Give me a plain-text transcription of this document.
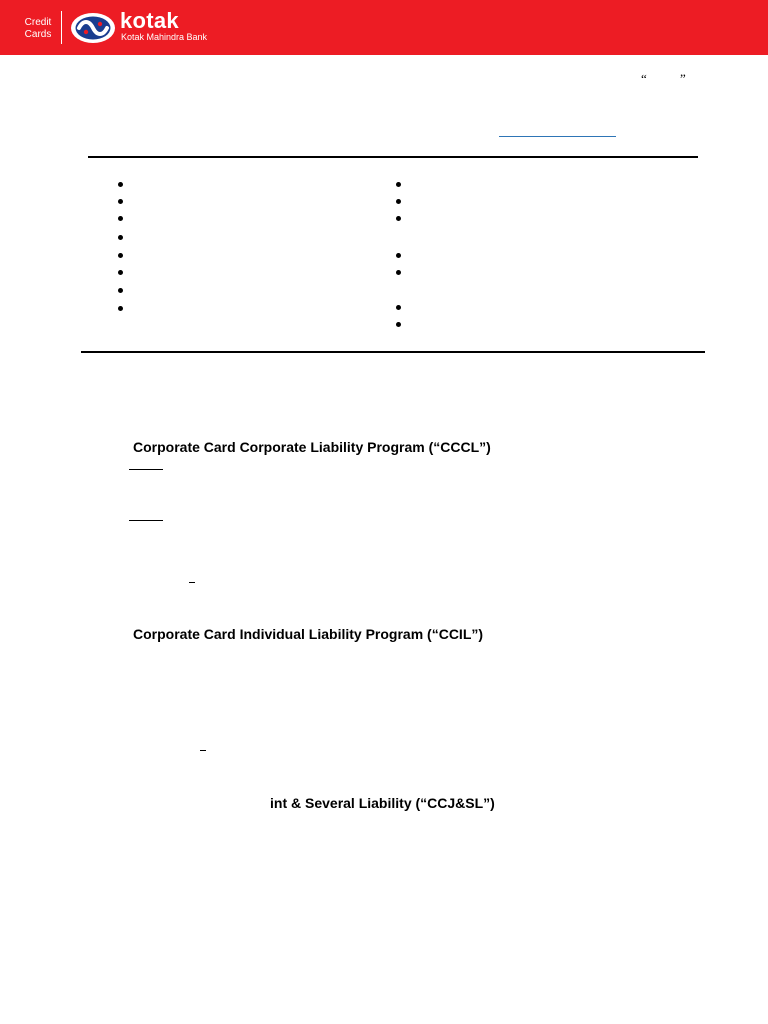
Credit Cards
kotak
Kotak Mahindra Bank
“	”
Corporate Card Corporate Liability Program (“CCCL”)
Corporate Card Individual Liability Program (“CCIL”)
int & Several Liability (“CCJ&SL”)
